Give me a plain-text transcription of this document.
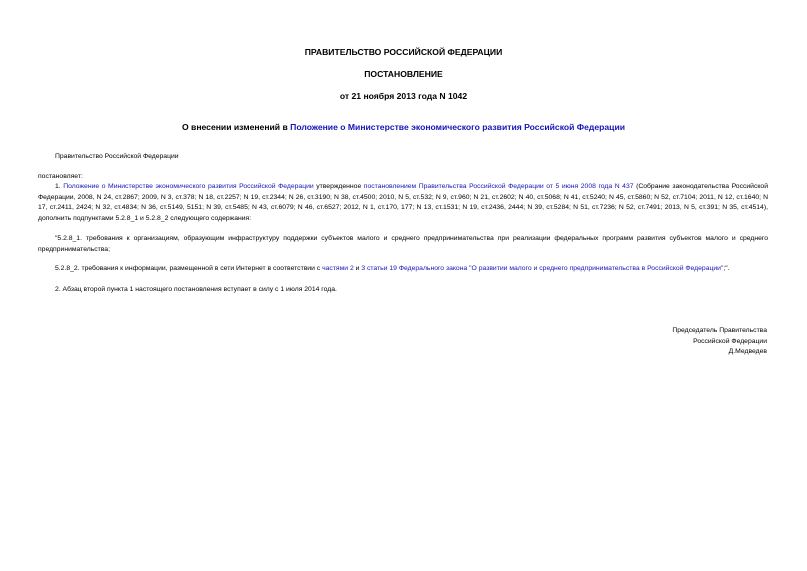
ПРАВИТЕЛЬСТВО РОССИЙСКОЙ ФЕДЕРАЦИИ
ПОСТАНОВЛЕНИЕ
от 21 ноября 2013 года N 1042
О внесении изменений в Положение о Министерстве экономического развития Российской Федерации

Правительство Российской Федерации

постановляет:

1. Положение о Министерстве экономического развития Российской Федерации утвержденное постановлением Правительства Российской Федерации от 5 июня 2008 года N 437 (Собрание законодательства Российской Федерации, 2008, N 24, ст.2867; 2009, N 3, ст.378; N 18, ст.2257; N 19, ст.2344; N 26, ст.3190; N 38, ст.4500; 2010, N 5, ст.532; N 9, ст.960; N 21, ст.2602; N 40, ст.5068; N 41, ст.5240; N 45, ст.5860; N 52, ст.7104; 2011, N 12, ст.1640; N 17, ст.2411, 2424; N 32, ст.4834; N 36, ст.5149, 5151; N 39, ст.5485; N 43, ст.6079; N 46, ст.6527; 2012, N 1, ст.170, 177; N 13, ст.1531; N 19, ст.2436, 2444; N 39, ст.5284; N 51, ст.7236; N 52, ст.7491; 2013, N 5, ст.391; N 35, ст.4514), дополнить подпунктами 5.2.8_1 и 5.2.8_2 следующего содержания:

"5.2.8_1. требования к организациям, образующим инфраструктуру поддержки субъектов малого и среднего предпринимательства при реализации федеральных программ развития субъектов малого и среднего предпринимательства;

5.2.8_2. требования к информации, размещенной в сети Интернет в соответствии с частями 2 и 3 статьи 19 Федерального закона "О развитии малого и среднего предпринимательства в Российской Федерации";".

2. Абзац второй пункта 1 настоящего постановления вступает в силу с 1 июля 2014 года.

Председатель Правительства
Российской Федерации
Д.Медведев
